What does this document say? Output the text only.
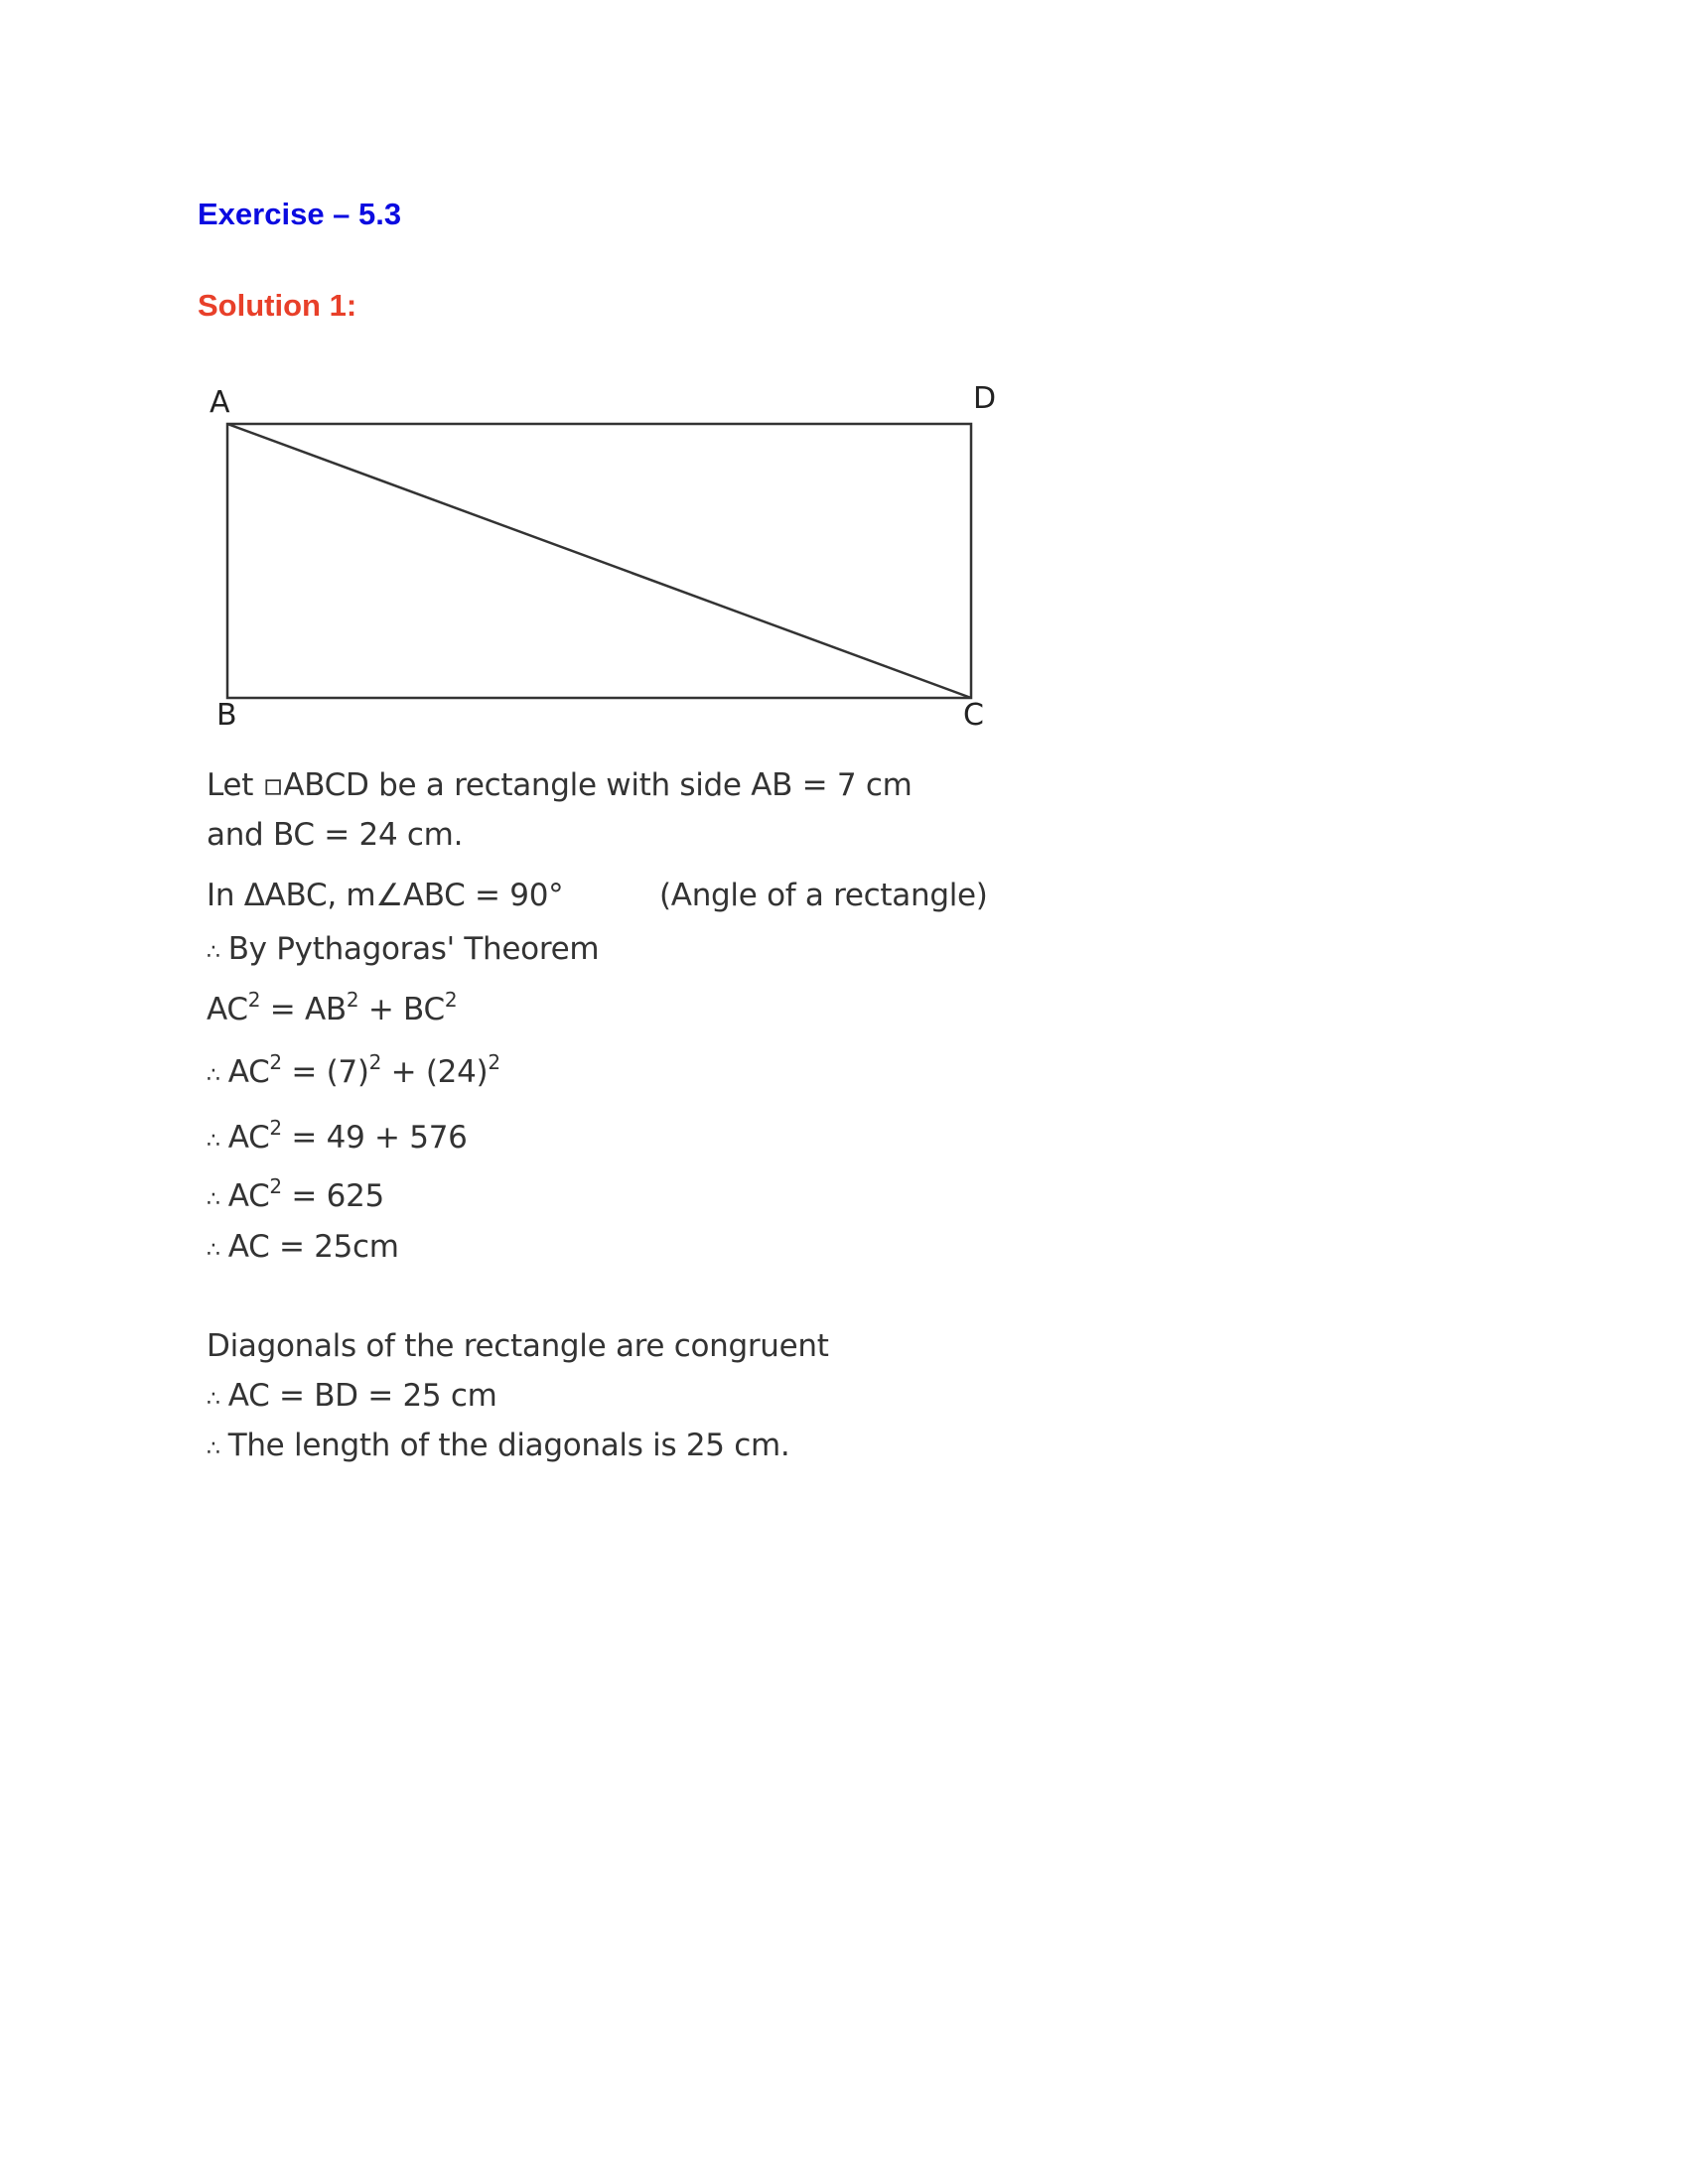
Exercise – 5.3
Solution 1:
A	D
B	C
Let ▫ABCD be a rectangle with side AB = 7 cm
and BC = 24 cm.
In ΔABC, m∠ABC = 90°	(Angle of a rectangle)
∴ By Pythagoras' Theorem
$AC^2 = AB^2 + BC^2$
∴ $AC^2 = (7)^2 + (24)^2$
∴ $AC^2 = 49 + 576$
∴ $AC^2 = 625$
∴ AC = 25cm
Diagonals of the rectangle are congruent
∴ AC = BD = 25 cm
∴ The length of the diagonals is 25 cm.
